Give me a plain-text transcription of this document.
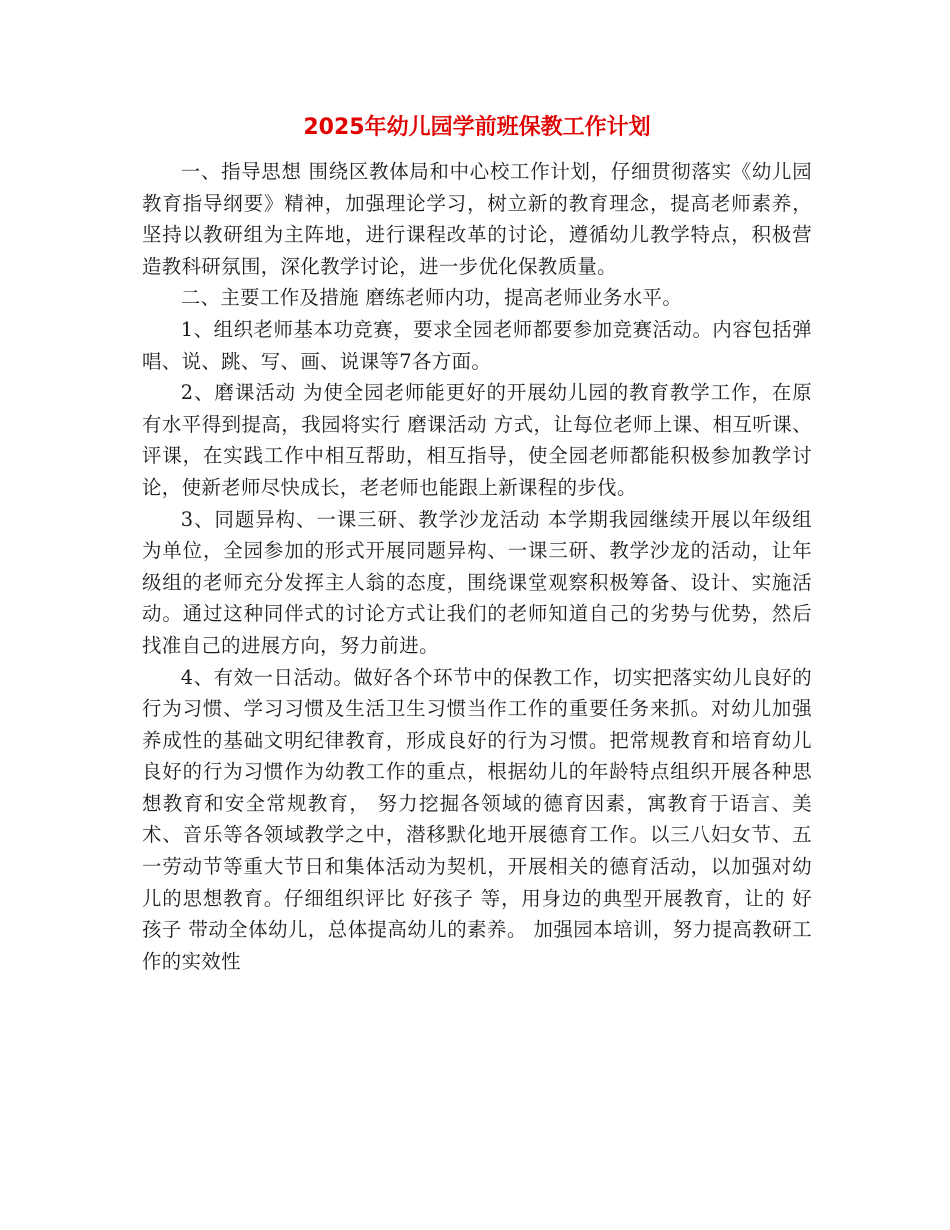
2025年幼儿园学前班保教工作计划

一、指导思想 围绕区教体局和中心校工作计划，仔细贯彻落实《幼儿园教育指导纲要》精神，加强理论学习，树立新的教育理念，提高老师素养，坚持以教研组为主阵地，进行课程改革的讨论，遵循幼儿教学特点，积极营造教科研氛围，深化教学讨论，进一步优化保教质量。

二、主要工作及措施 磨练老师内功，提高老师业务水平。

1、组织老师基本功竞赛，要求全园老师都要参加竞赛活动。内容包括弹唱、说、跳、写、画、说课等7各方面。

2、磨课活动 为使全园老师能更好的开展幼儿园的教育教学工作，在原有水平得到提高，我园将实行 磨课活动 方式，让每位老师上课、相互听课、评课，在实践工作中相互帮助，相互指导，使全园老师都能积极参加教学讨论，使新老师尽快成长，老老师也能跟上新课程的步伐。

3、同题异构、一课三研、教学沙龙活动 本学期我园继续开展以年级组为单位，全园参加的形式开展同题异构、一课三研、教学沙龙的活动，让年级组的老师充分发挥主人翁的态度，围绕课堂观察积极筹备、设计、实施活动。通过这种同伴式的讨论方式让我们的老师知道自己的劣势与优势，然后找准自己的进展方向，努力前进。

4、有效一日活动。做好各个环节中的保教工作，切实把落实幼儿良好的行为习惯、学习习惯及生活卫生习惯当作工作的重要任务来抓。对幼儿加强养成性的基础文明纪律教育，形成良好的行为习惯。把常规教育和培育幼儿良好的行为习惯作为幼教工作的重点，根据幼儿的年龄特点组织开展各种思想教育和安全常规教育， 努力挖掘各领域的德育因素，寓教育于语言、美术、音乐等各领域教学之中，潜移默化地开展德育工作。以三八妇女节、五一劳动节等重大节日和集体活动为契机，开展相关的德育活动，以加强对幼儿的思想教育。仔细组织评比 好孩子 等，用身边的典型开展教育，让的 好孩子 带动全体幼儿，总体提高幼儿的素养。 加强园本培训，努力提高教研工作的实效性
